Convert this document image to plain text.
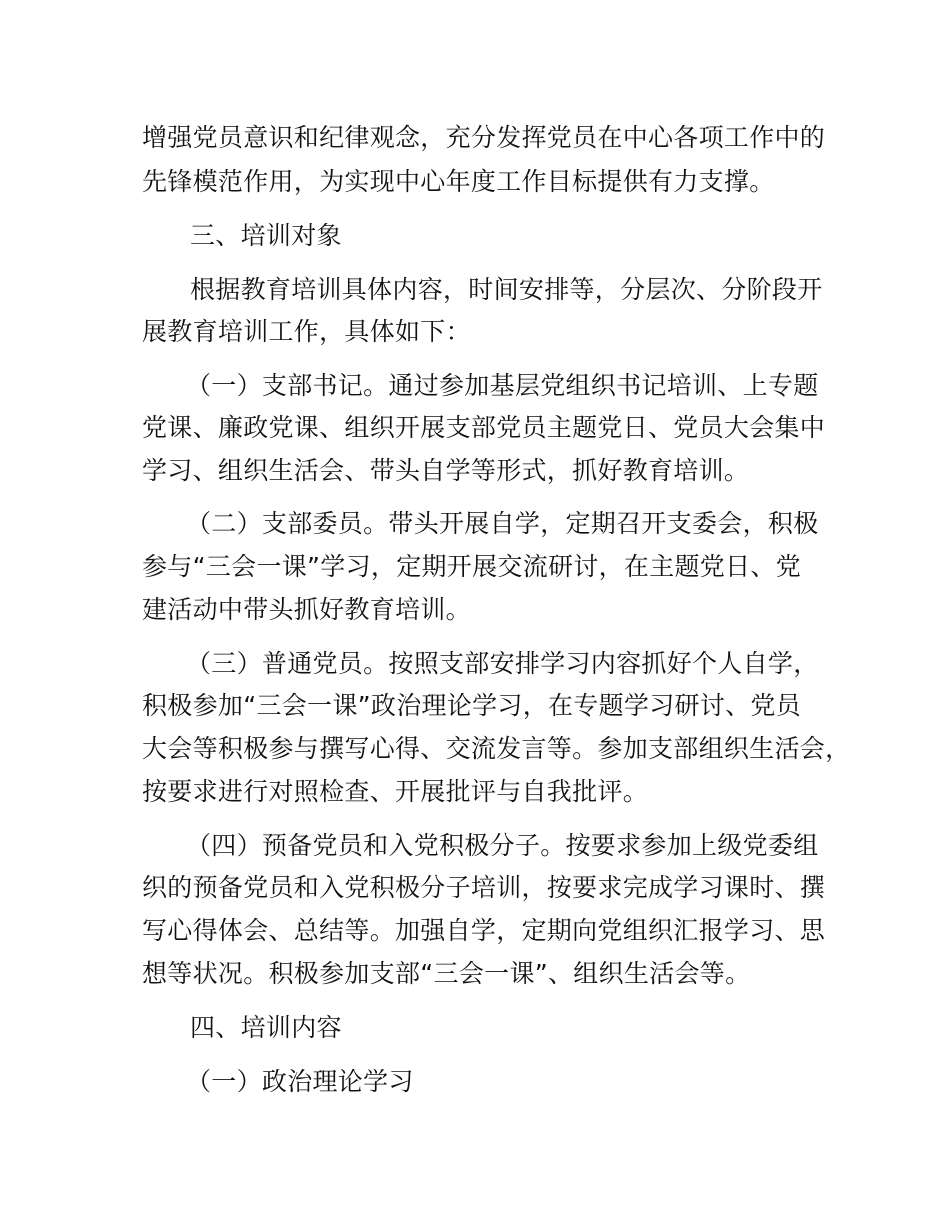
增强党员意识和纪律观念，充分发挥党员在中心各项工作中的
先锋模范作用，为实现中心年度工作目标提供有力支撑。
三、培训对象
根据教育培训具体内容，时间安排等，分层次、分阶段开
展教育培训工作，具体如下：
（一）支部书记。通过参加基层党组织书记培训、上专题
党课、廉政党课、组织开展支部党员主题党日、党员大会集中
学习、组织生活会、带头自学等形式，抓好教育培训。
（二）支部委员。带头开展自学，定期召开支委会，积极
参与“三会一课”学习，定期开展交流研讨，在主题党日、党
建活动中带头抓好教育培训。
（三）普通党员。按照支部安排学习内容抓好个人自学，
积极参加“三会一课”政治理论学习，在专题学习研讨、党员
大会等积极参与撰写心得、交流发言等。参加支部组织生活会，
按要求进行对照检查、开展批评与自我批评。
（四）预备党员和入党积极分子。按要求参加上级党委组
织的预备党员和入党积极分子培训，按要求完成学习课时、撰
写心得体会、总结等。加强自学，定期向党组织汇报学习、思
想等状况。积极参加支部“三会一课”、组织生活会等。
四、培训内容
（一）政治理论学习
